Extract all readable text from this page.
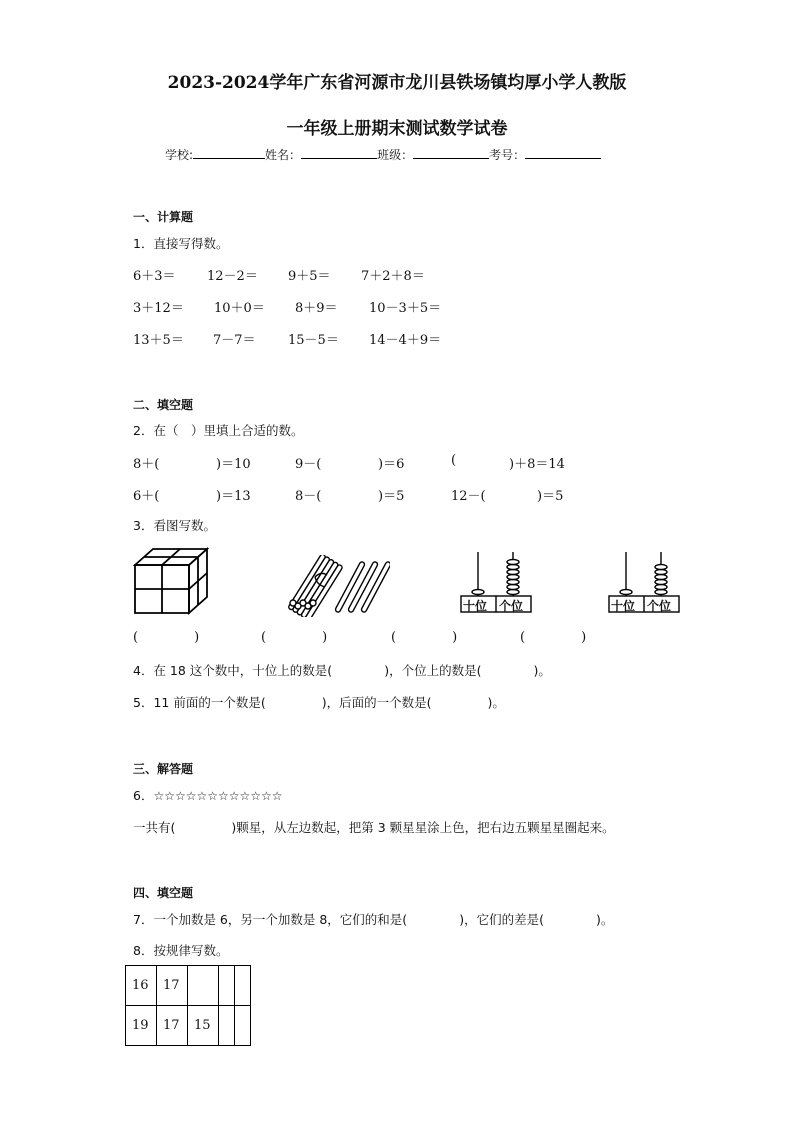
2023-2024学年广东省河源市龙川县铁场镇均厚小学人教版
一年级上册期末测试数学试卷
学校:	姓名：	班级：	考号：
一、计算题
1．直接写得数。
6＋3＝ 12－2＝ 9＋5＝ 7＋2＋8＝
3＋12＝ 10＋0＝ 8＋9＝ 10－3＋5＝
13＋5＝ 7－7＝ 15－5＝ 14－4＋9＝
二、填空题
2．在（　）里填上合适的数。
8＋(	)＝10	9－(	)＝6	(	)＋8＝14
6＋(	)＝13	8－(	)＝5	12－(	)＝5
3．看图写数。
十位 个位	十位 个位
(	)	(	)	(	)	(	)
4．在 18 这个数中，十位上的数是(	)，个位上的数是(	)。
5．11 前面的一个数是(	)，后面的一个数是(	)。
三、解答题
6．☆☆☆☆☆☆☆☆☆☆☆☆
一共有(	)颗星，从左边数起，把第 3 颗星星涂上色，把右边五颗星星圈起来。
四、填空题
7．一个加数是 6，另一个加数是 8，它们的和是(	)，它们的差是(	)。
8．按规律写数。
16	17			
19	17	15		
